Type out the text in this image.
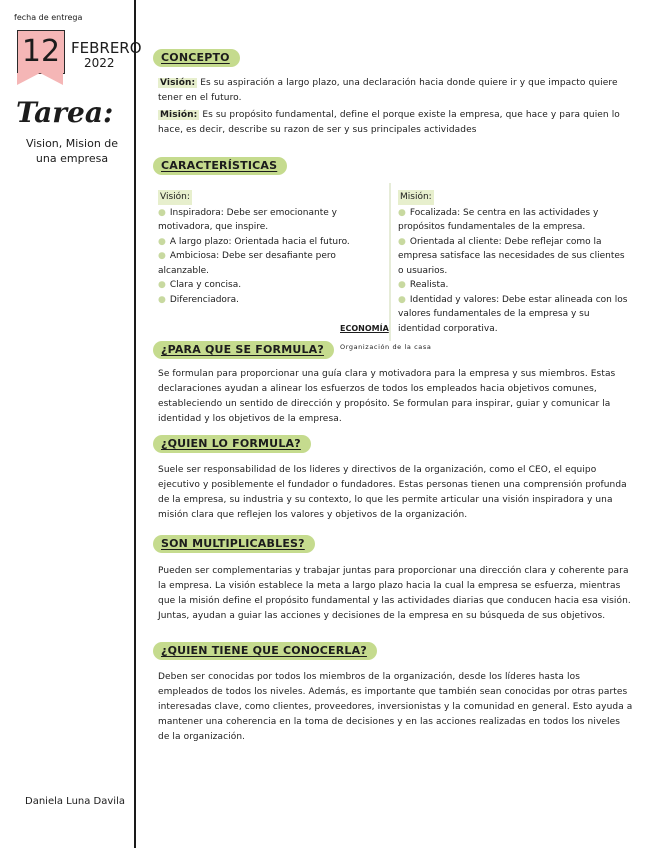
fecha de entrega
12 FEBRERO
2022
Tarea:
Vision, Mision de una empresa
Daniela Luna Davila
CONCEPTO
Visión: Es su aspiración a largo plazo, una declaración hacia donde quiere ir y que impacto quiere tener en el futuro.
Misión: Es su propósito fundamental, define el porque existe la empresa, que hace y para quien lo hace, es decir, describe su razon de ser y sus principales actividades
CARACTERÍSTICAS
Visión:
● Inspiradora: Debe ser emocionante y motivadora, que inspire.
● A largo plazo: Orientada hacia el futuro.
● Ambiciosa: Debe ser desafiante pero alcanzable.
● Clara y concisa.
● Diferenciadora.
Misión:
● Focalizada: Se centra en las actividades y propósitos fundamentales de la empresa.
● Orientada al cliente: Debe reflejar como la empresa satisface las necesidades de sus clientes o usuarios.
● Realista.
● Identidad y valores: Debe estar alineada con los valores fundamentales de la empresa y su identidad corporativa.
ECONOMÍA
Organización de la casa
¿PARA QUE SE FORMULA?
Se formulan para proporcionar una guía clara y motivadora para la empresa y sus miembros. Estas declaraciones ayudan a alinear los esfuerzos de todos los empleados hacia objetivos comunes, estableciendo un sentido de dirección y propósito. Se formulan para inspirar, guiar y comunicar la identidad y los objetivos de la empresa.
¿QUIEN LO FORMULA?
Suele ser responsabilidad de los lideres y directivos de la organización, como el CEO, el equipo ejecutivo y posiblemente el fundador o fundadores. Estas personas tienen una comprensión profunda de la empresa, su industria y su contexto, lo que les permite articular una visión inspiradora y una misión clara que reflejen los valores y objetivos de la organización.
SON MULTIPLICABLES?
Pueden ser complementarias y trabajar juntas para proporcionar una dirección clara y coherente para la empresa. La visión establece la meta a largo plazo hacia la cual la empresa se esfuerza, mientras que la misión define el propósito fundamental y las actividades diarias que conducen hacia esa visión. Juntas, ayudan a guiar las acciones y decisiones de la empresa en su búsqueda de sus objetivos.
¿QUIEN TIENE QUE CONOCERLA?
Deben ser conocidas por todos los miembros de la organización, desde los líderes hasta los empleados de todos los niveles. Además, es importante que también sean conocidas por otras partes interesadas clave, como clientes, proveedores, inversionistas y la comunidad en general. Esto ayuda a mantener una coherencia en la toma de decisiones y en las acciones realizadas en todos los niveles de la organización.
